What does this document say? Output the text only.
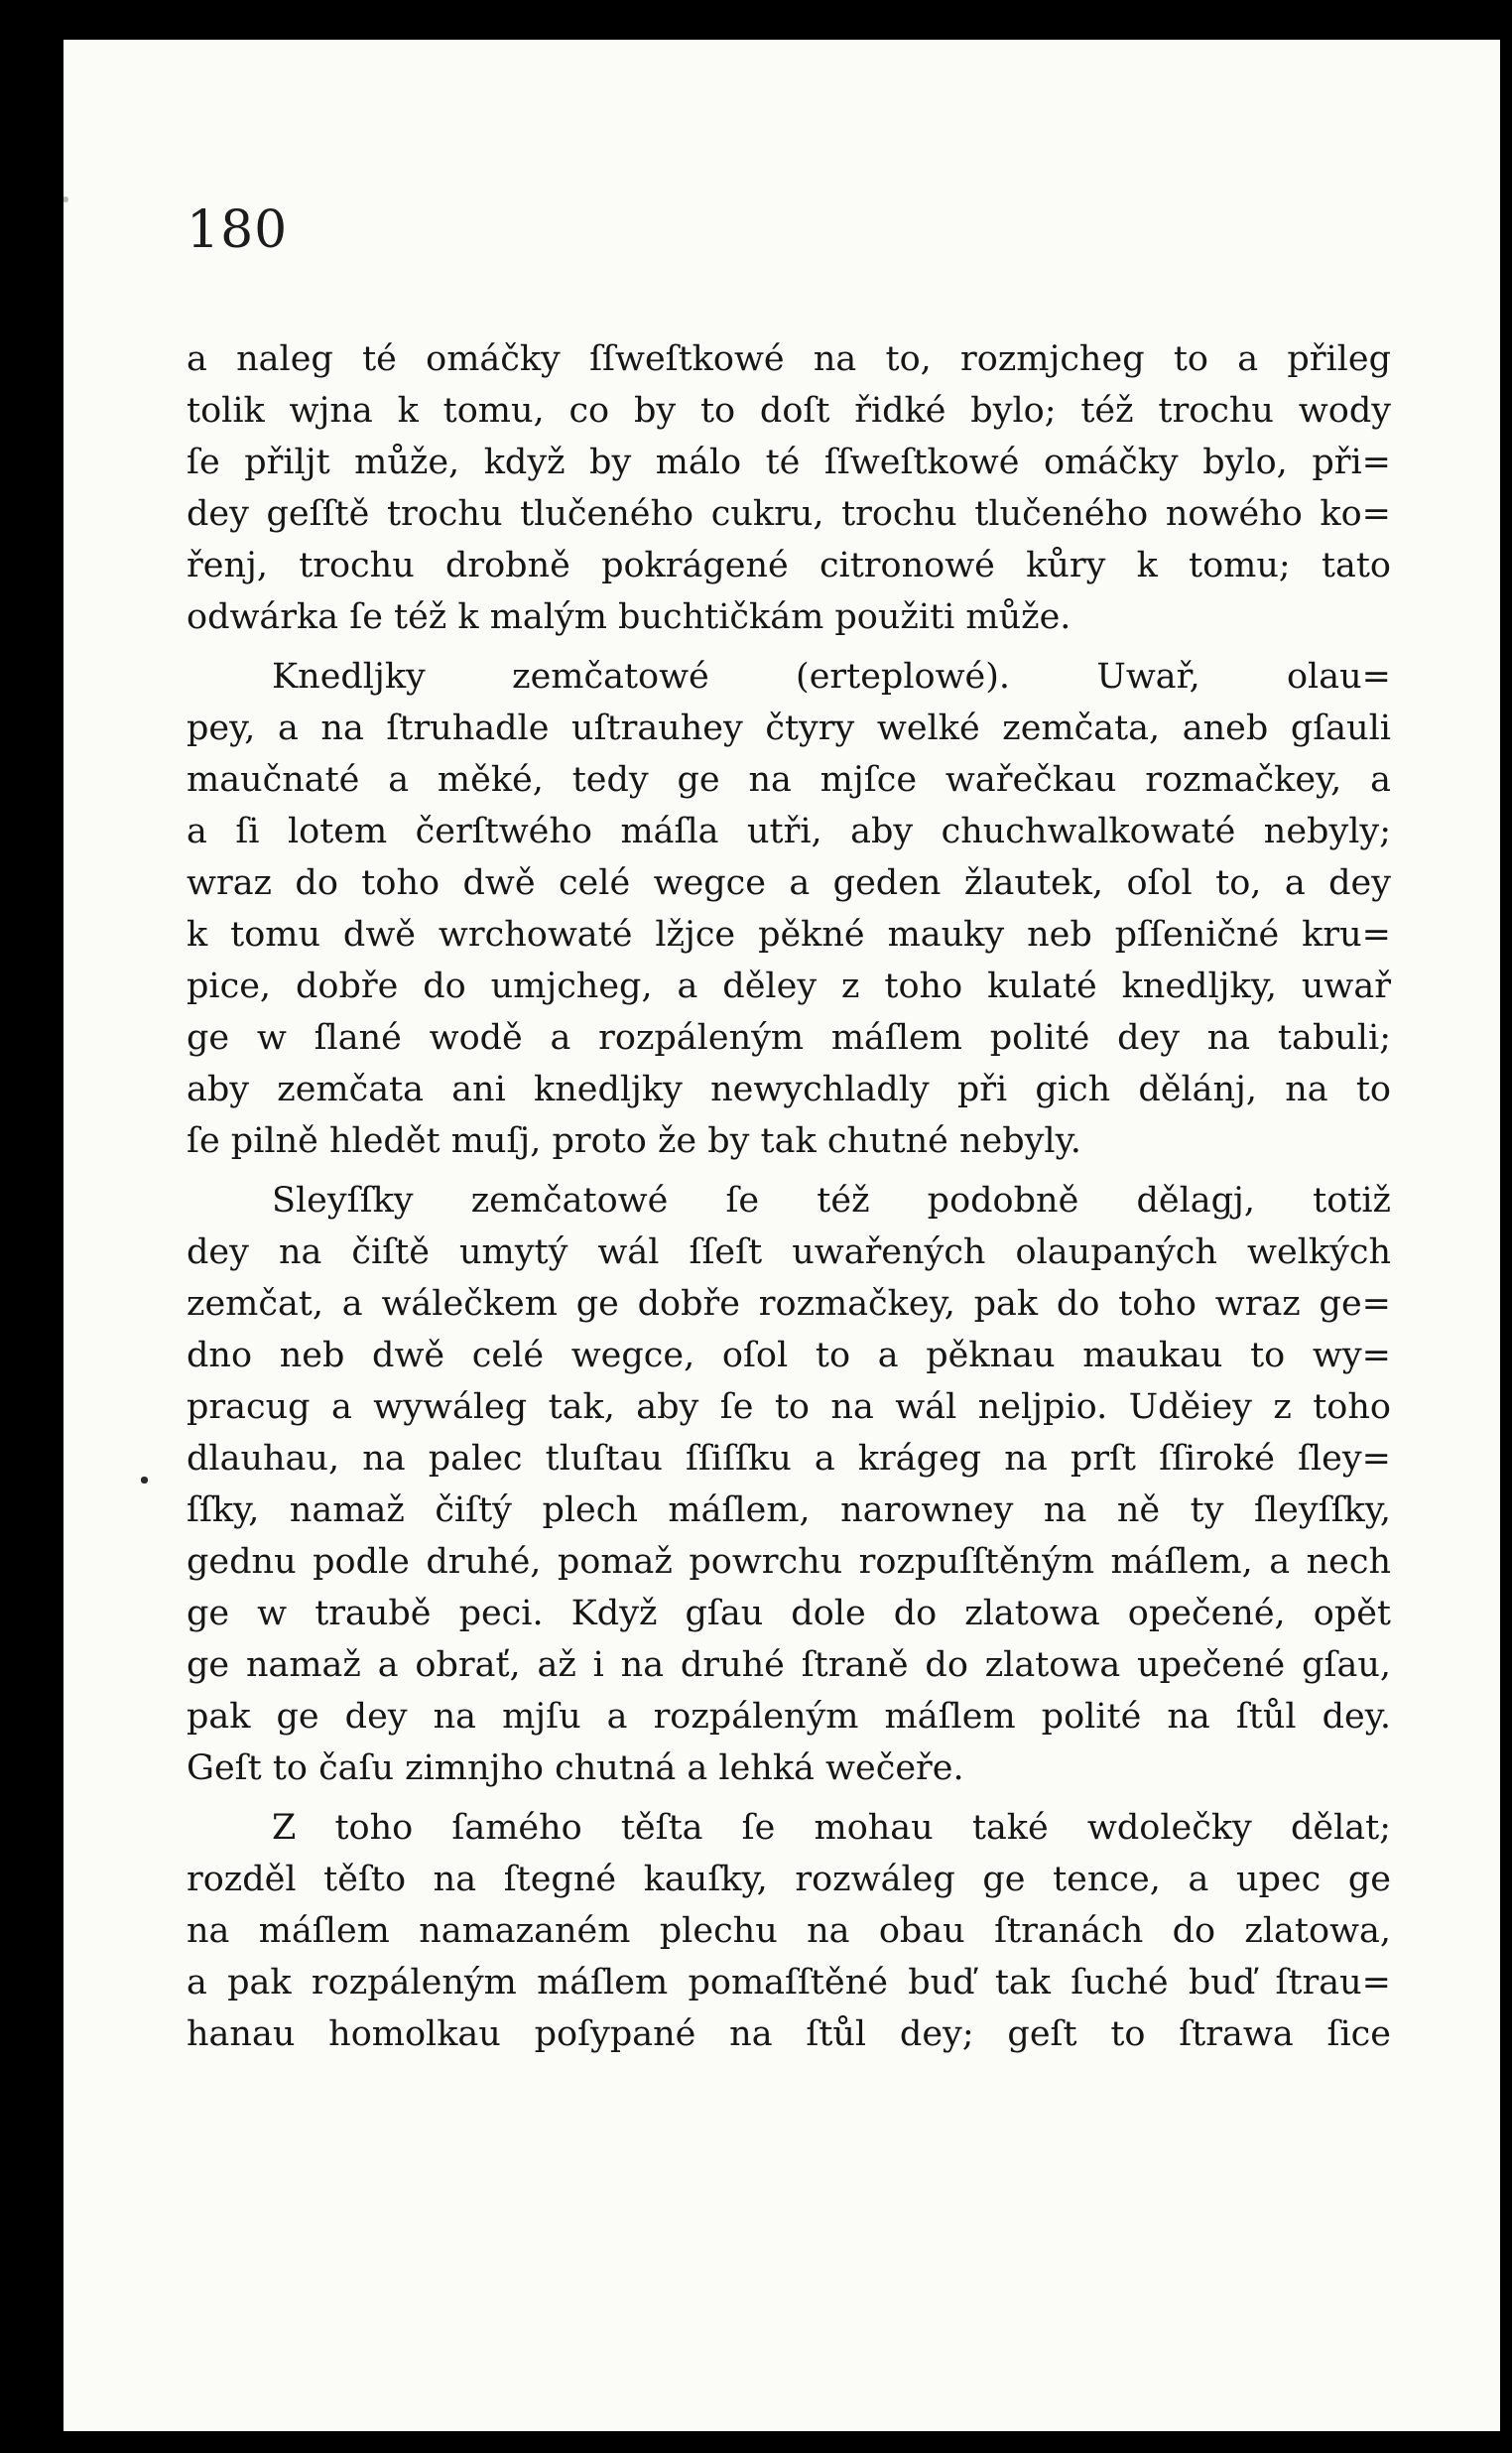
180
a naleg té omáčky ſſweſtkowé na to, rozmjcheg to a přileg
tolik wjna k tomu, co by to doſt řidké bylo; též trochu wody
ſe přiljt může, když by málo té ſſweſtkowé omáčky bylo, při=
dey geſſtě trochu tlučeného cukru, trochu tlučeného nowého ko=
řenj, trochu drobně pokrágené citronowé kůry k tomu; tato
odwárka ſe též k malým buchtičkám použiti může.
Knedljky zemčatowé (erteplowé). Uwař, olau=
pey, a na ſtruhadle uſtrauhey čtyry welké zemčata, aneb gſauli
maučnaté a měké, tedy ge na mjſce wařečkau rozmačkey, a
a ſi lotem čerſtwého máſla utři, aby chuchwalkowaté nebyly;
wraz do toho dwě celé wegce a geden žlautek, oſol to, a dey
k tomu dwě wrchowaté lžjce pěkné mauky neb pſſeničné kru=
pice, dobře do umjcheg, a děley z toho kulaté knedljky, uwař
ge w ſlané wodě a rozpáleným máſlem polité dey na tabuli;
aby zemčata ani knedljky newychladly při gich dělánj, na to
ſe pilně hledět muſj, proto že by tak chutné nebyly.
Sleyſſky zemčatowé ſe též podobně dělagj, totiž
dey na čiſtě umytý wál ſſeſt uwařených olaupaných welkých
zemčat, a wálečkem ge dobře rozmačkey, pak do toho wraz ge=
dno neb dwě celé wegce, oſol to a pěknau maukau to wy=
pracug a wywáleg tak, aby ſe to na wál neljpio. Uděiey z toho
dlauhau, na palec tluſtau ſſiſſku a krágeg na prſt ſſiroké ſley=
ſſky, namaž čiſtý plech máſlem, narowney na ně ty ſleyſſky,
gednu podle druhé, pomaž powrchu rozpuſſtěným máſlem, a nech
ge w traubě peci. Když gſau dole do zlatowa opečené, opět
ge namaž a obrať, až i na druhé ſtraně do zlatowa upečené gſau,
pak ge dey na mjſu a rozpáleným máſlem polité na ſtůl dey.
Geſt to čaſu zimnjho chutná a lehká wečeře.
Z toho ſamého těſta ſe mohau také wdolečky dělat;
rozděl těſto na ſtegné kauſky, rozwáleg ge tence, a upec ge
na máſlem namazaném plechu na obau ſtranách do zlatowa,
a pak rozpáleným máſlem pomaſſtěné buď tak ſuché buď ſtrau=
hanau homolkau poſypané na ſtůl dey; geſt to ſtrawa ſice
